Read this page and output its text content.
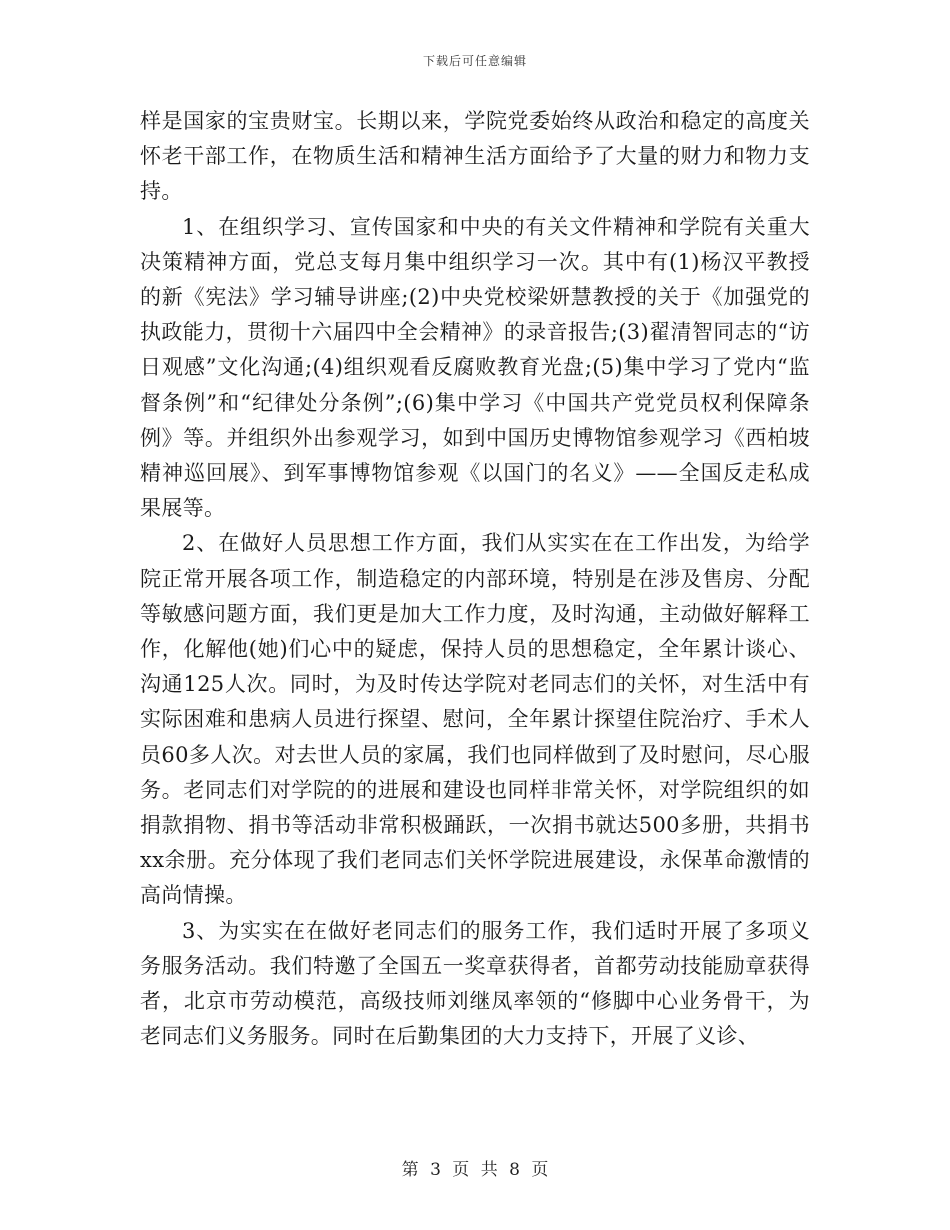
下载后可任意编辑

样是国家的宝贵财宝。长期以来，学院党委始终从政治和稳定的高度关怀老干部工作，在物质生活和精神生活方面给予了大量的财力和物力支持。

1、在组织学习、宣传国家和中央的有关文件精神和学院有关重大决策精神方面，党总支每月集中组织学习一次。其中有(1)杨汉平教授的新《宪法》学习辅导讲座;(2)中央党校梁妍慧教授的关于《加强党的执政能力，贯彻十六届四中全会精神》的录音报告;(3)翟清智同志的“访日观感”文化沟通;(4)组织观看反腐败教育光盘;(5)集中学习了党内“监督条例”和“纪律处分条例”;(6)集中学习《中国共产党党员权利保障条例》等。并组织外出参观学习，如到中国历史博物馆参观学习《西柏坡精神巡回展》、到军事博物馆参观《以国门的名义》——全国反走私成果展等。

2、在做好人员思想工作方面，我们从实实在在工作出发，为给学院正常开展各项工作，制造稳定的内部环境，特别是在涉及售房、分配等敏感问题方面，我们更是加大工作力度，及时沟通，主动做好解释工作，化解他(她)们心中的疑虑，保持人员的思想稳定，全年累计谈心、沟通125人次。同时，为及时传达学院对老同志们的关怀，对生活中有实际困难和患病人员进行探望、慰问，全年累计探望住院治疗、手术人员60多人次。对去世人员的家属，我们也同样做到了及时慰问，尽心服务。老同志们对学院的的进展和建设也同样非常关怀，对学院组织的如捐款捐物、捐书等活动非常积极踊跃，一次捐书就达500多册，共捐书xx余册。充分体现了我们老同志们关怀学院进展建设，永保革命激情的高尚情操。

3、为实实在在做好老同志们的服务工作，我们适时开展了多项义务服务活动。我们特邀了全国五一奖章获得者，首都劳动技能励章获得者，北京市劳动模范，高级技师刘继凤率领的“修脚中心业务骨干，为老同志们义务服务。同时在后勤集团的大力支持下，开展了义诊、

第 3 页 共 8 页
